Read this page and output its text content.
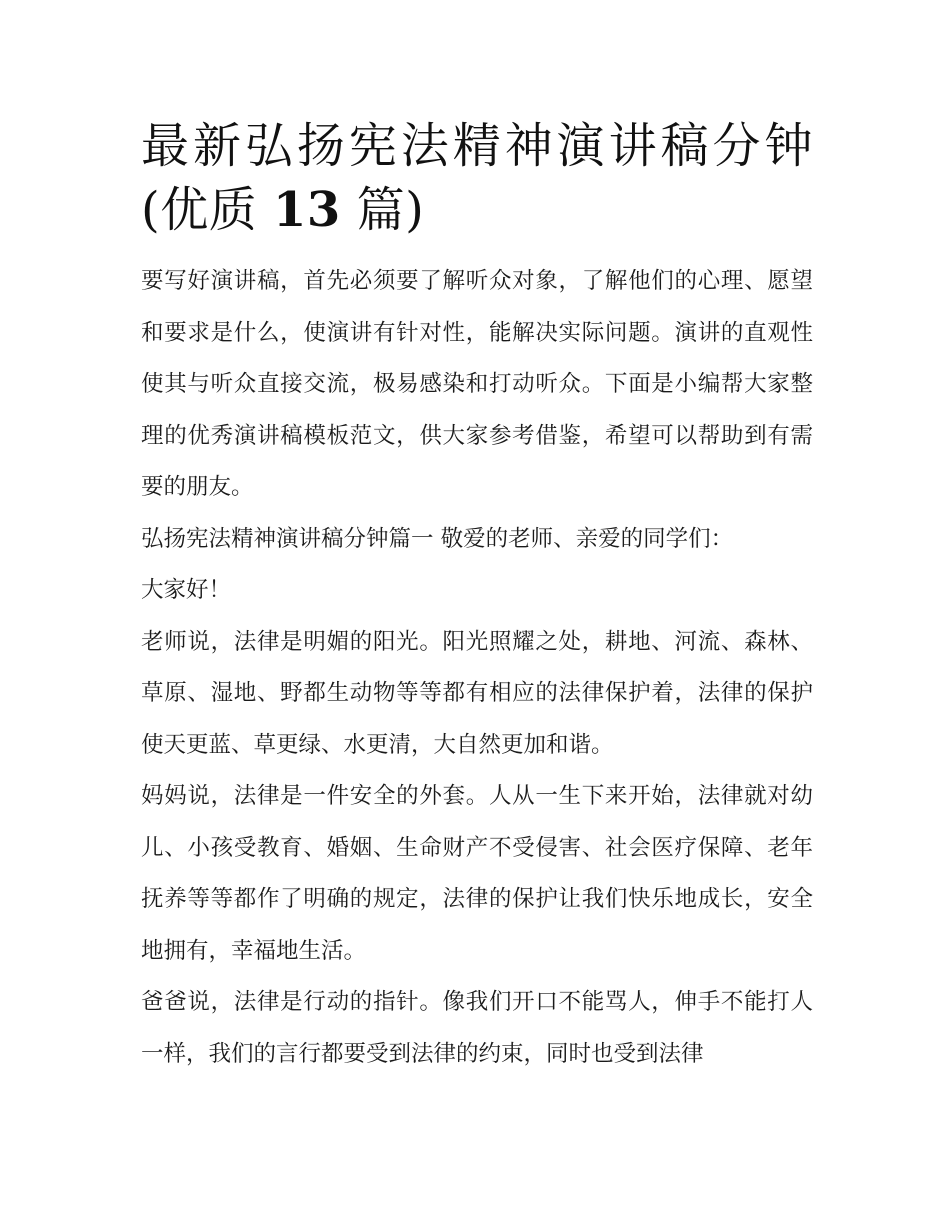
最新弘扬宪法精神演讲稿分钟(优质 13 篇)

要写好演讲稿，首先必须要了解听众对象，了解他们的心理、愿望和要求是什么，使演讲有针对性，能解决实际问题。演讲的直观性使其与听众直接交流，极易感染和打动听众。下面是小编帮大家整理的优秀演讲稿模板范文，供大家参考借鉴，希望可以帮助到有需要的朋友。

弘扬宪法精神演讲稿分钟篇一 敬爱的老师、亲爱的同学们：

大家好！

老师说，法律是明媚的阳光。阳光照耀之处，耕地、河流、森林、草原、湿地、野都生动物等等都有相应的法律保护着，法律的保护使天更蓝、草更绿、水更清，大自然更加和谐。

妈妈说，法律是一件安全的外套。人从一生下来开始，法律就对幼儿、小孩受教育、婚姻、生命财产不受侵害、社会医疗保障、老年抚养等等都作了明确的规定，法律的保护让我们快乐地成长，安全地拥有，幸福地生活。

爸爸说，法律是行动的指针。像我们开口不能骂人，伸手不能打人一样，我们的言行都要受到法律的约束，同时也受到法律
